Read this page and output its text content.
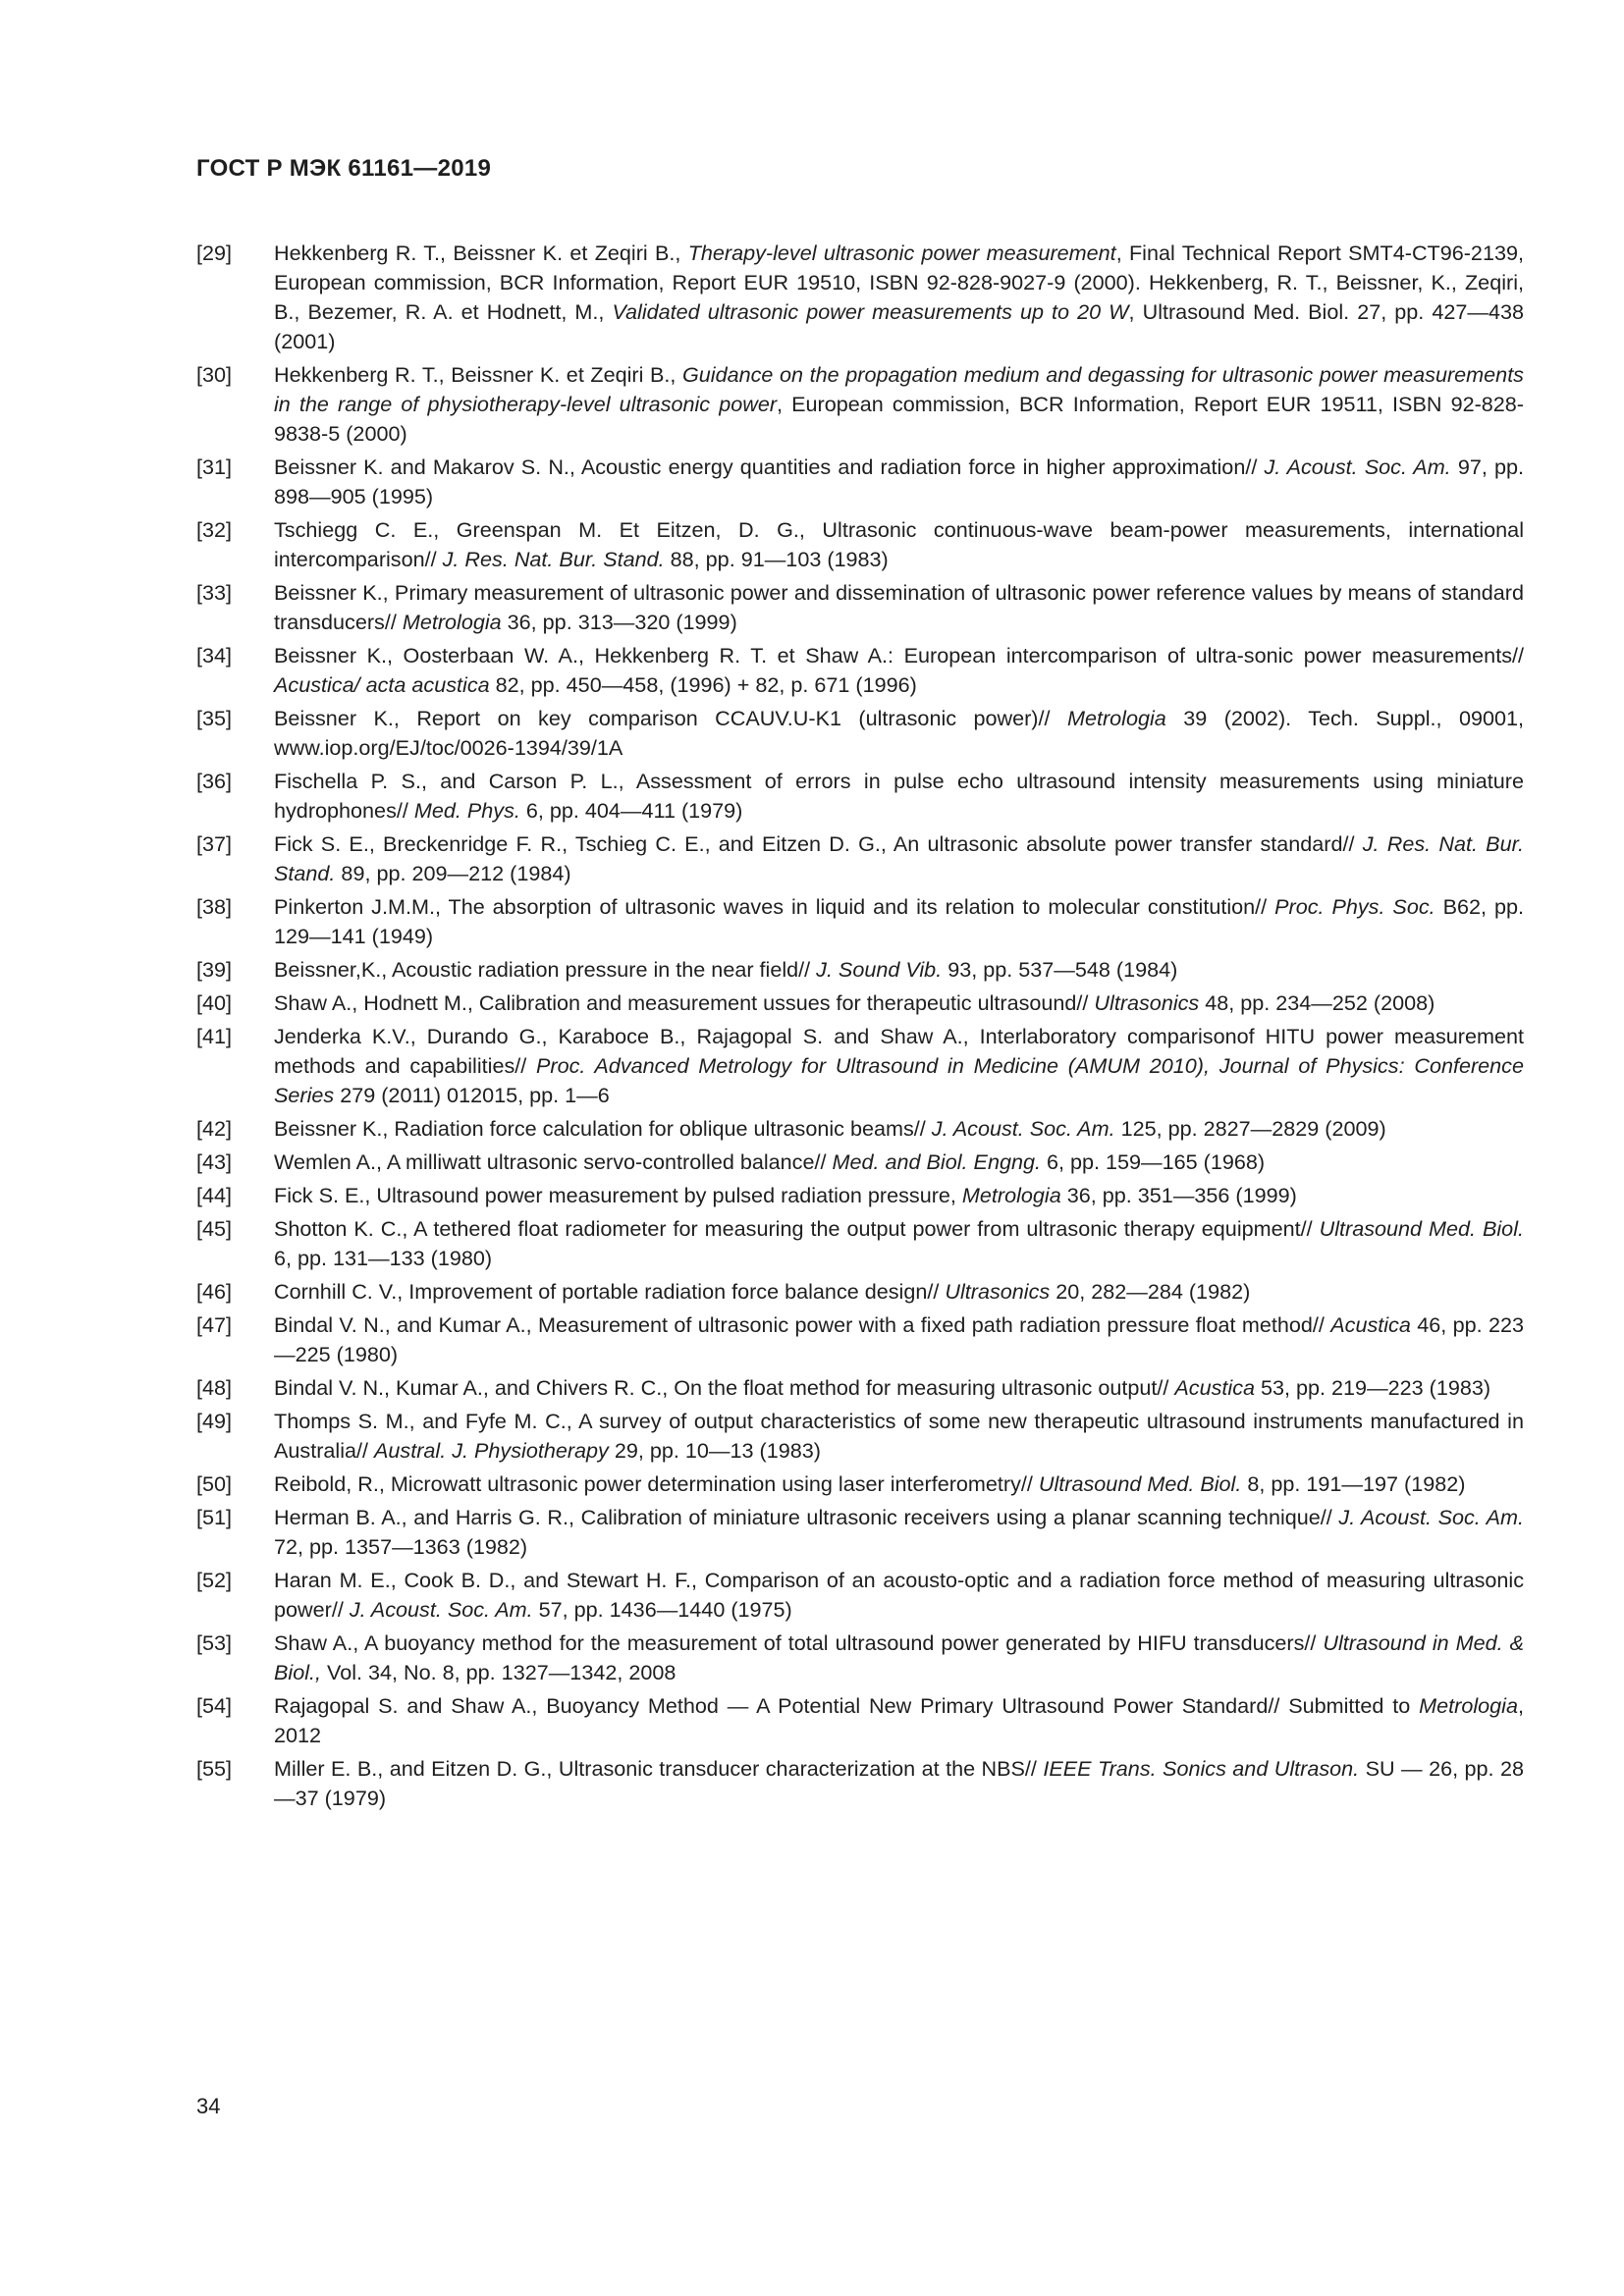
ГОСТ Р МЭК 61161—2019
[29] Hekkenberg R. T., Beissner K. et Zeqiri B., Therapy-level ultrasonic power measurement, Final Technical Report SMT4-CT96-2139, European commission, BCR Information, Report EUR 19510, ISBN 92-828-9027-9 (2000). Hekkenberg, R. T., Beissner, K., Zeqiri, B., Bezemer, R. A. et Hodnett, M., Validated ultrasonic power measurements up to 20 W, Ultrasound Med. Biol. 27, pp. 427—438 (2001)
[30] Hekkenberg R. T., Beissner K. et Zeqiri B., Guidance on the propagation medium and degassing for ultrasonic power measurements in the range of physiotherapy-level ultrasonic power, European commission, BCR Information, Report EUR 19511, ISBN 92-828-9838-5 (2000)
[31] Beissner K. and Makarov S. N., Acoustic energy quantities and radiation force in higher approximation// J. Acoust. Soc. Am. 97, pp. 898—905 (1995)
[32] Tschiegg C. E., Greenspan M. Et Eitzen, D. G., Ultrasonic continuous-wave beam-power measurements, international intercomparison// J. Res. Nat. Bur. Stand. 88, pp. 91—103 (1983)
[33] Beissner K., Primary measurement of ultrasonic power and dissemination of ultrasonic power reference values by means of standard transducers// Metrologia 36, pp. 313—320 (1999)
[34] Beissner K., Oosterbaan W. A., Hekkenberg R. T. et Shaw A.: European intercomparison of ultra-sonic power measurements// Acustica/ acta acustica 82, pp. 450—458, (1996) + 82, p. 671 (1996)
[35] Beissner K., Report on key comparison CCAUV.U-K1 (ultrasonic power)// Metrologia 39 (2002). Tech. Suppl., 09001, www.iop.org/EJ/toc/0026-1394/39/1A
[36] Fischella P. S., and Carson P. L., Assessment of errors in pulse echo ultrasound intensity measurements using miniature hydrophones// Med. Phys. 6, pp. 404—411 (1979)
[37] Fick S. E., Breckenridge F. R., Tschieg C. E., and Eitzen D. G., An ultrasonic absolute power transfer standard// J. Res. Nat. Bur. Stand. 89, pp. 209—212 (1984)
[38] Pinkerton J.M.M., The absorption of ultrasonic waves in liquid and its relation to molecular constitution// Proc. Phys. Soc. B62, pp. 129—141 (1949)
[39] Beissner,K., Acoustic radiation pressure in the near field// J. Sound Vib. 93, pp. 537—548 (1984)
[40] Shaw A., Hodnett M., Calibration and measurement ussues for therapeutic ultrasound// Ultrasonics 48, pp. 234—252 (2008)
[41] Jenderka K.V., Durando G., Karaboce B., Rajagopal S. and Shaw A., Interlaboratory comparisonof HITU power measurement methods and capabilities// Proc. Advanced Metrology for Ultrasound in Medicine (AMUM 2010), Journal of Physics: Conference Series 279 (2011) 012015, pp. 1—6
[42] Beissner K., Radiation force calculation for oblique ultrasonic beams// J. Acoust. Soc. Am. 125, pp. 2827—2829 (2009)
[43] Wemlen A., A milliwatt ultrasonic servo-controlled balance// Med. and Biol. Engng. 6, pp. 159—165 (1968)
[44] Fick S. E., Ultrasound power measurement by pulsed radiation pressure, Metrologia 36, pp. 351—356 (1999)
[45] Shotton K. C., A tethered float radiometer for measuring the output power from ultrasonic therapy equipment// Ultrasound Med. Biol. 6, pp. 131—133 (1980)
[46] Cornhill C. V., Improvement of portable radiation force balance design// Ultrasonics 20, 282—284 (1982)
[47] Bindal V. N., and Kumar A., Measurement of ultrasonic power with a fixed path radiation pressure float method// Acustica 46, pp. 223—225 (1980)
[48] Bindal V. N., Kumar A., and Chivers R. C., On the float method for measuring ultrasonic output// Acustica 53, pp. 219—223 (1983)
[49] Thomps S. M., and Fyfe M. C., A survey of output characteristics of some new therapeutic ultrasound instruments manufactured in Australia// Austral. J. Physiotherapy 29, pp. 10—13 (1983)
[50] Reibold, R., Microwatt ultrasonic power determination using laser interferometry// Ultrasound Med. Biol. 8, pp. 191—197 (1982)
[51] Herman B. A., and Harris G. R., Calibration of miniature ultrasonic receivers using a planar scanning technique// J. Acoust. Soc. Am. 72, pp. 1357—1363 (1982)
[52] Haran M. E., Cook B. D., and Stewart H. F., Comparison of an acousto-optic and a radiation force method of measuring ultrasonic power// J. Acoust. Soc. Am. 57, pp. 1436—1440 (1975)
[53] Shaw A., A buoyancy method for the measurement of total ultrasound power generated by HIFU transducers// Ultrasound in Med. & Biol., Vol. 34, No. 8, pp. 1327—1342, 2008
[54] Rajagopal S. and Shaw A., Buoyancy Method — A Potential New Primary Ultrasound Power Standard// Submitted to Metrologia, 2012
[55] Miller E. B., and Eitzen D. G., Ultrasonic transducer characterization at the NBS// IEEE Trans. Sonics and Ultrason. SU — 26, pp. 28—37 (1979)
34
